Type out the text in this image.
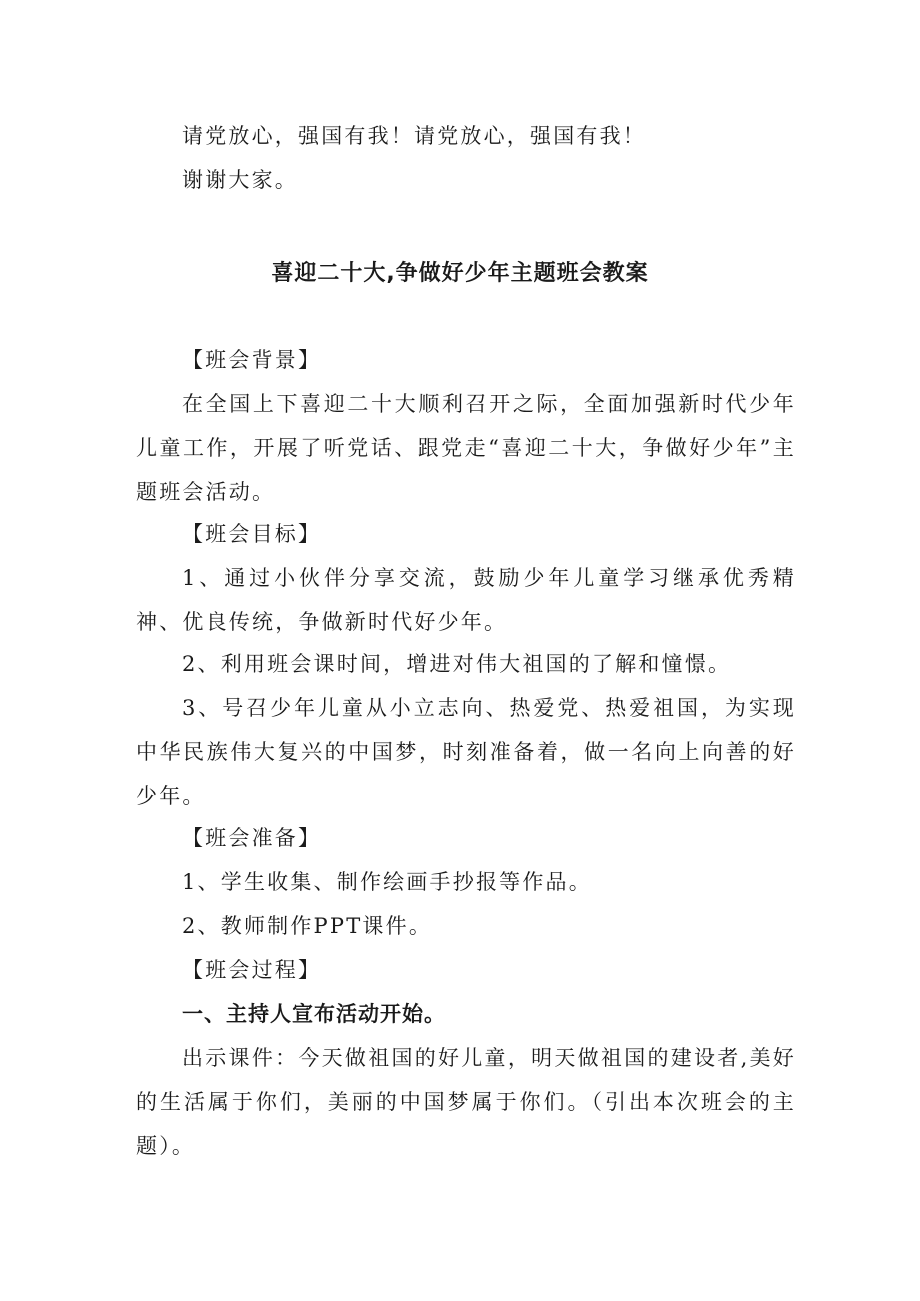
请党放心，强国有我！请党放心，强国有我！

谢谢大家。

喜迎二十大,争做好少年主题班会教案

【班会背景】

在全国上下喜迎二十大顺利召开之际，全面加强新时代少年儿童工作，开展了听党话、跟党走“喜迎二十大，争做好少年”主题班会活动。

【班会目标】

1、通过小伙伴分享交流，鼓励少年儿童学习继承优秀精神、优良传统，争做新时代好少年。

2、利用班会课时间，增进对伟大祖国的了解和憧憬。

3、号召少年儿童从小立志向、热爱党、热爱祖国，为实现中华民族伟大复兴的中国梦，时刻准备着，做一名向上向善的好少年。

【班会准备】

1、学生收集、制作绘画手抄报等作品。

2、教师制作PPT课件。

【班会过程】

一、主持人宣布活动开始。

出示课件：今天做祖国的好儿童，明天做祖国的建设者,美好的生活属于你们，美丽的中国梦属于你们。（引出本次班会的主题）。
